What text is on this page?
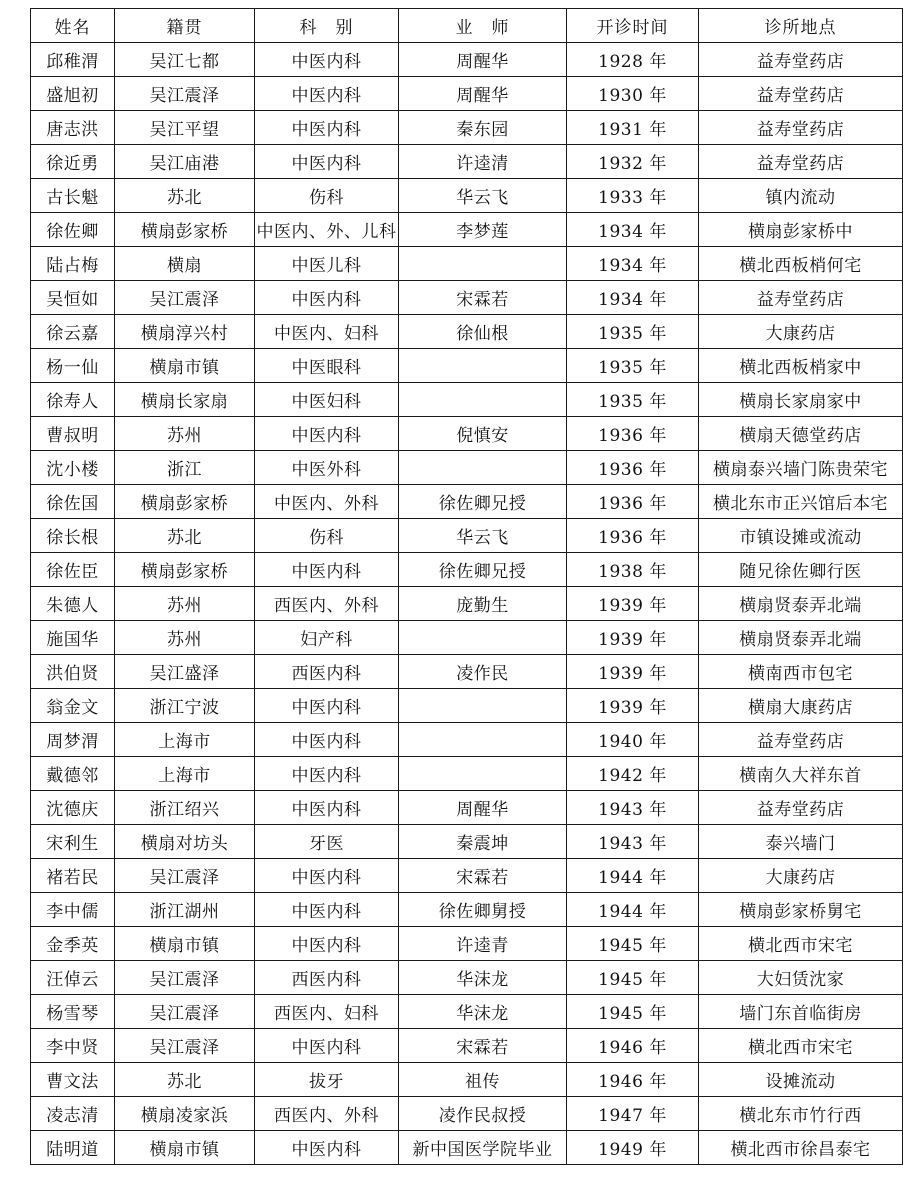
姓名	籍贯	科　别	业　师	开诊时间	诊所地点
邱稚渭	吴江七都	中医内科	周醒华	1928 年	益寿堂药店
盛旭初	吴江震泽	中医内科	周醒华	1930 年	益寿堂药店
唐志洪	吴江平望	中医内科	秦东园	1931 年	益寿堂药店
徐近勇	吴江庙港	中医内科	许逵清	1932 年	益寿堂药店
古长魁	苏北	伤科	华云飞	1933 年	镇内流动
徐佐卿	横扇彭家桥	中医内、外、儿科	李梦莲	1934 年	横扇彭家桥中
陆占梅	横扇	中医儿科		1934 年	横北西板梢何宅
吴恒如	吴江震泽	中医内科	宋霖若	1934 年	益寿堂药店
徐云嘉	横扇淳兴村	中医内、妇科	徐仙根	1935 年	大康药店
杨一仙	横扇市镇	中医眼科		1935 年	横北西板梢家中
徐寿人	横扇长家扇	中医妇科		1935 年	横扇长家扇家中
曹叔明	苏州	中医内科	倪慎安	1936 年	横扇天德堂药店
沈小楼	浙江	中医外科		1936 年	横扇泰兴墙门陈贵荣宅
徐佐国	横扇彭家桥	中医内、外科	徐佐卿兄授	1936 年	横北东市正兴馆后本宅
徐长根	苏北	伤科	华云飞	1936 年	市镇设摊或流动
徐佐臣	横扇彭家桥	中医内科	徐佐卿兄授	1938 年	随兄徐佐卿行医
朱德人	苏州	西医内、外科	庞勤生	1939 年	横扇贤泰弄北端
施国华	苏州	妇产科		1939 年	横扇贤泰弄北端
洪伯贤	吴江盛泽	西医内科	凌作民	1939 年	横南西市包宅
翁金文	浙江宁波	中医内科		1939 年	横扇大康药店
周梦渭	上海市	中医内科		1940 年	益寿堂药店
戴德邻	上海市	中医内科		1942 年	横南久大祥东首
沈德庆	浙江绍兴	中医内科	周醒华	1943 年	益寿堂药店
宋利生	横扇对坊头	牙医	秦震坤	1943 年	泰兴墙门
褚若民	吴江震泽	中医内科	宋霖若	1944 年	大康药店
李中儒	浙江湖州	中医内科	徐佐卿舅授	1944 年	横扇彭家桥舅宅
金季英	横扇市镇	中医内科	许逵青	1945 年	横北西市宋宅
汪倬云	吴江震泽	西医内科	华沫龙	1945 年	大妇赁沈家
杨雪琴	吴江震泽	西医内、妇科	华沫龙	1945 年	墙门东首临街房
李中贤	吴江震泽	中医内科	宋霖若	1946 年	横北西市宋宅
曹文法	苏北	拔牙	祖传	1946 年	设摊流动
凌志清	横扇凌家浜	西医内、外科	凌作民叔授	1947 年	横北东市竹行西
陆明道	横扇市镇	中医内科	新中国医学院毕业	1949 年	横北西市徐昌泰宅
